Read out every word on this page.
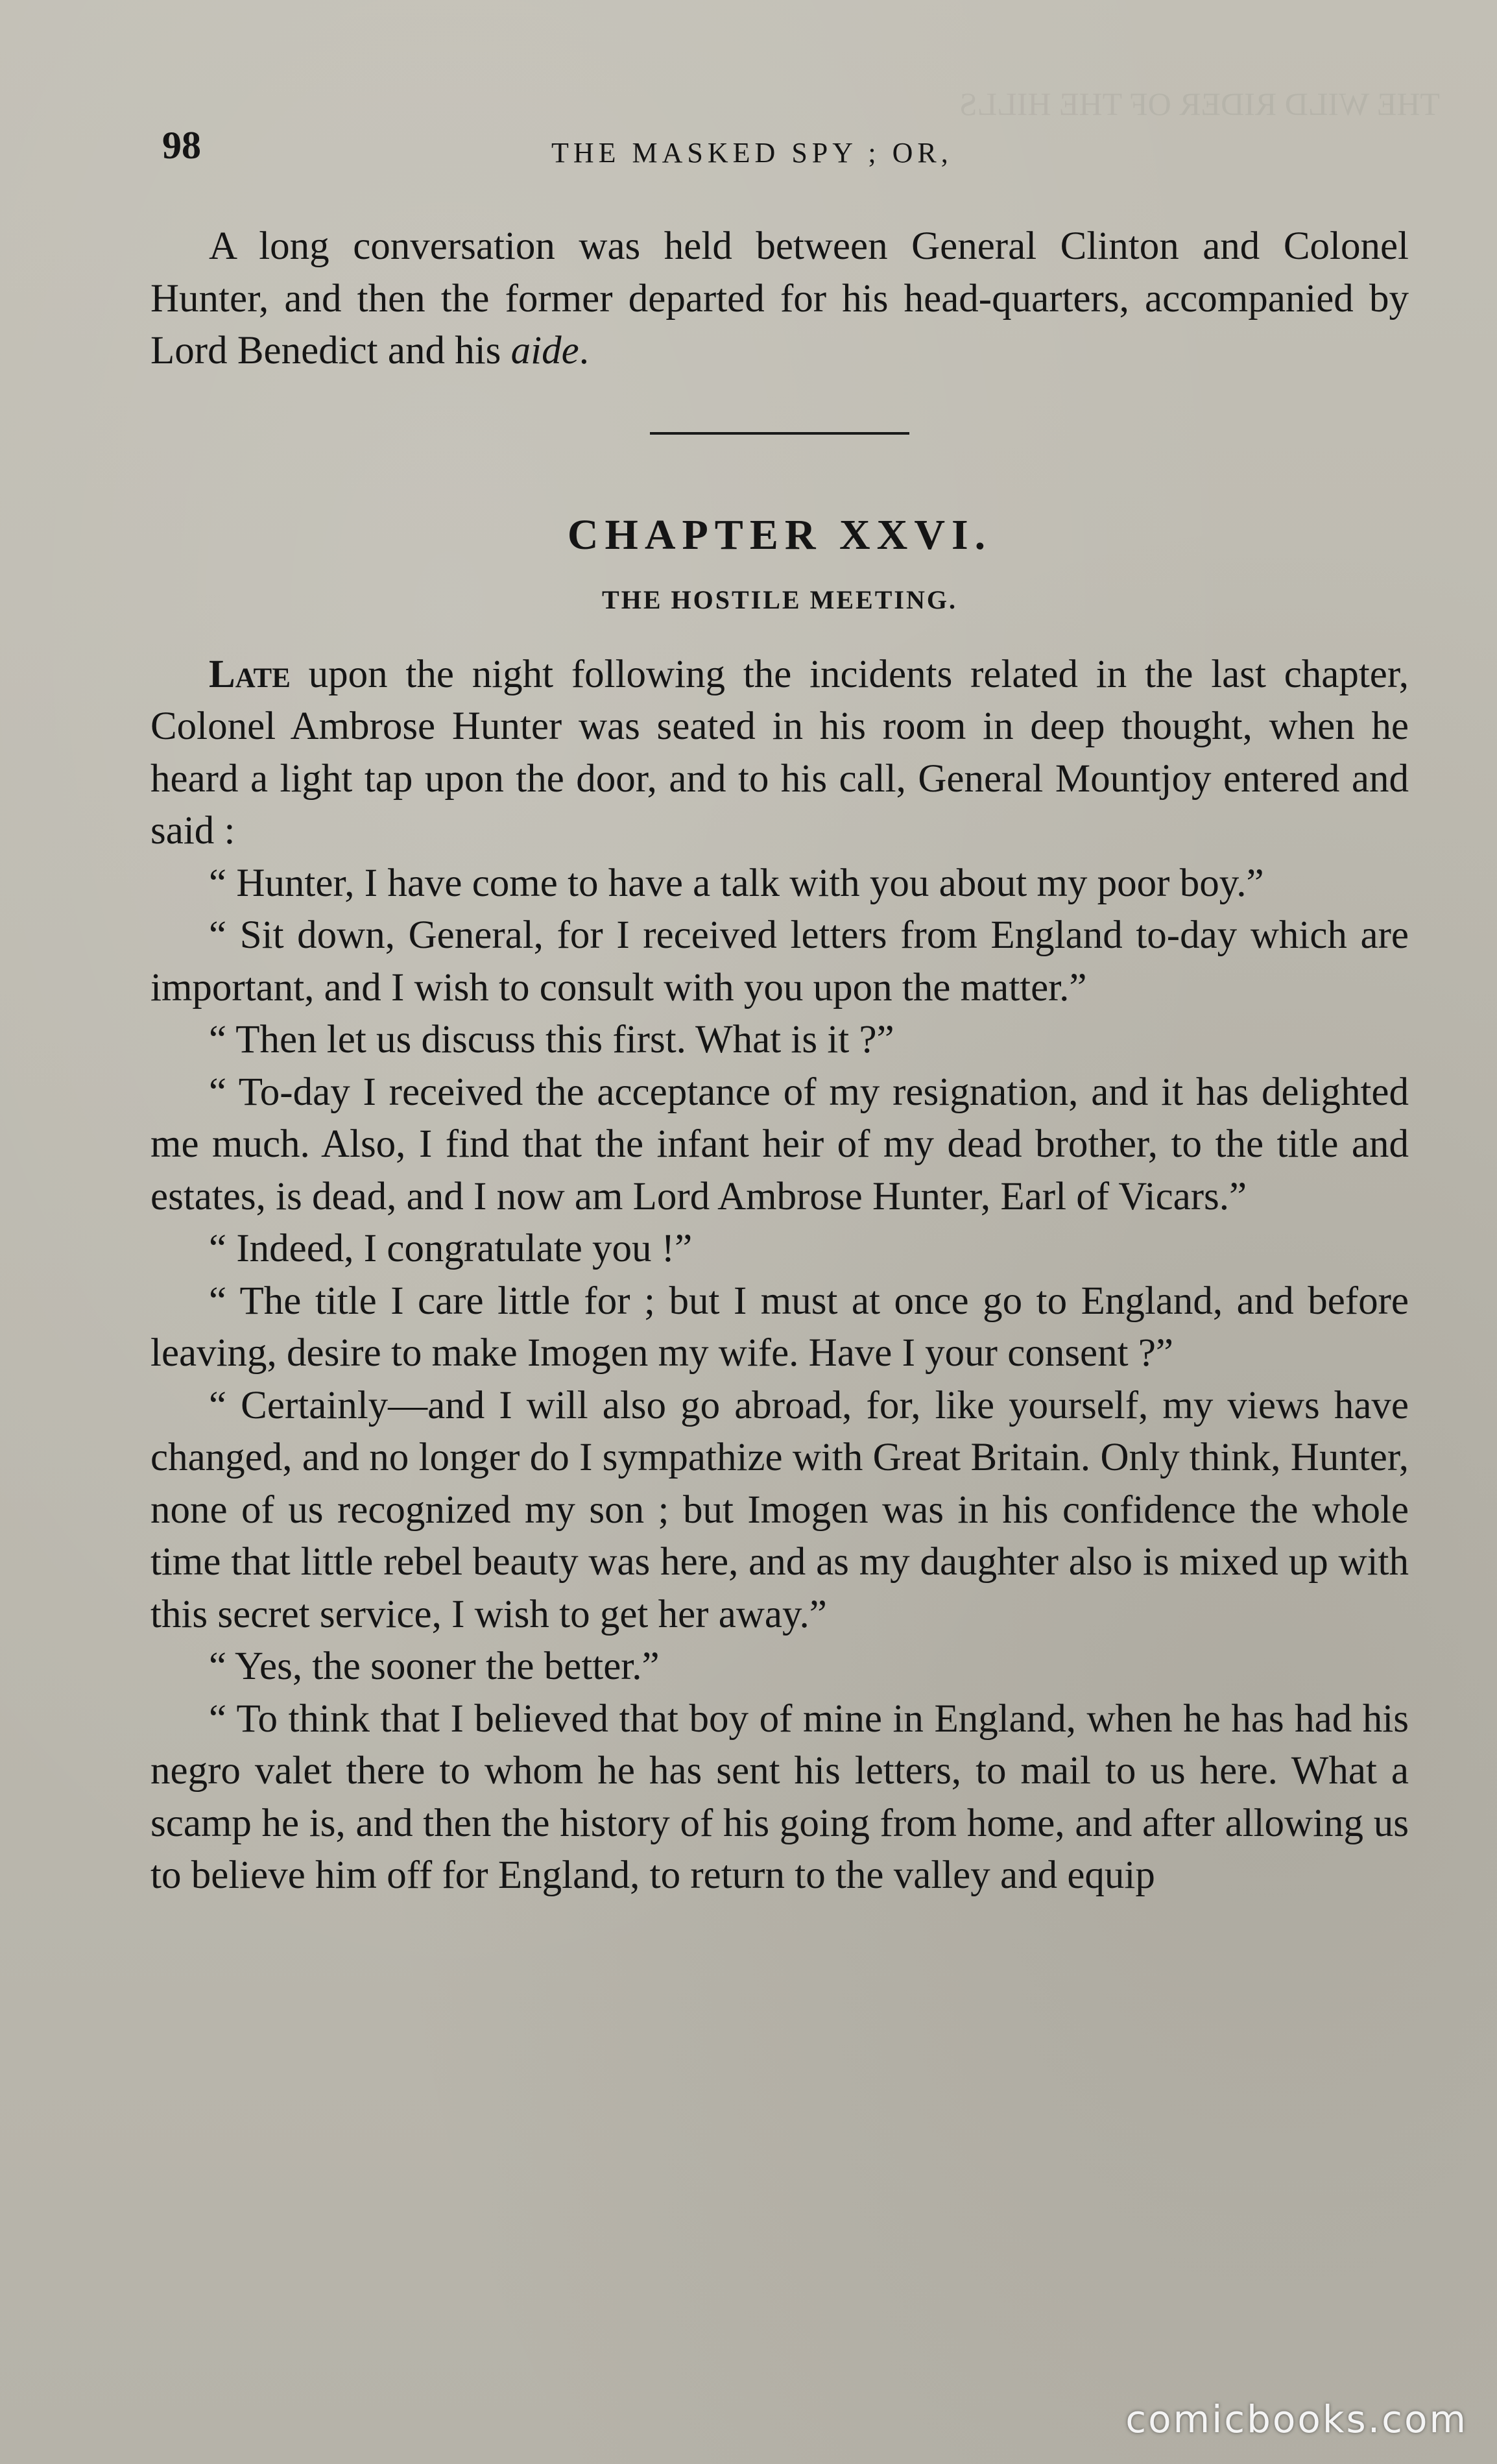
THE WILD RIDER OF THE HILLS
98	THE MASKED SPY ; OR,

A long conversation was held between General Clinton and Colonel Hunter, and then the former departed for his head-quarters, accompanied by Lord Benedict and his aide.

CHAPTER XXVI.
THE HOSTILE MEETING.

Late upon the night following the incidents related in the last chapter, Colonel Ambrose Hunter was seated in his room in deep thought, when he heard a light tap upon the door, and to his call, General Mountjoy entered and said :

“ Hunter, I have come to have a talk with you about my poor boy.”

“ Sit down, General, for I received letters from England to-day which are important, and I wish to consult with you upon the matter.”

“ Then let us discuss this first. What is it ?”

“ To-day I received the acceptance of my resignation, and it has delighted me much. Also, I find that the infant heir of my dead brother, to the title and estates, is dead, and I now am Lord Ambrose Hunter, Earl of Vicars.”

“ Indeed, I congratulate you !”

“ The title I care little for ; but I must at once go to England, and before leaving, desire to make Imogen my wife. Have I your consent ?”

“ Certainly—and I will also go abroad, for, like yourself, my views have changed, and no longer do I sympathize with Great Britain. Only think, Hunter, none of us recognized my son ; but Imogen was in his confidence the whole time that little rebel beauty was here, and as my daughter also is mixed up with this secret service, I wish to get her away.”

“ Yes, the sooner the better.”

“ To think that I believed that boy of mine in England, when he has had his negro valet there to whom he has sent his letters, to mail to us here. What a scamp he is, and then the history of his going from home, and after allowing us to believe him off for England, to return to the valley and equip

comicbooks.com
